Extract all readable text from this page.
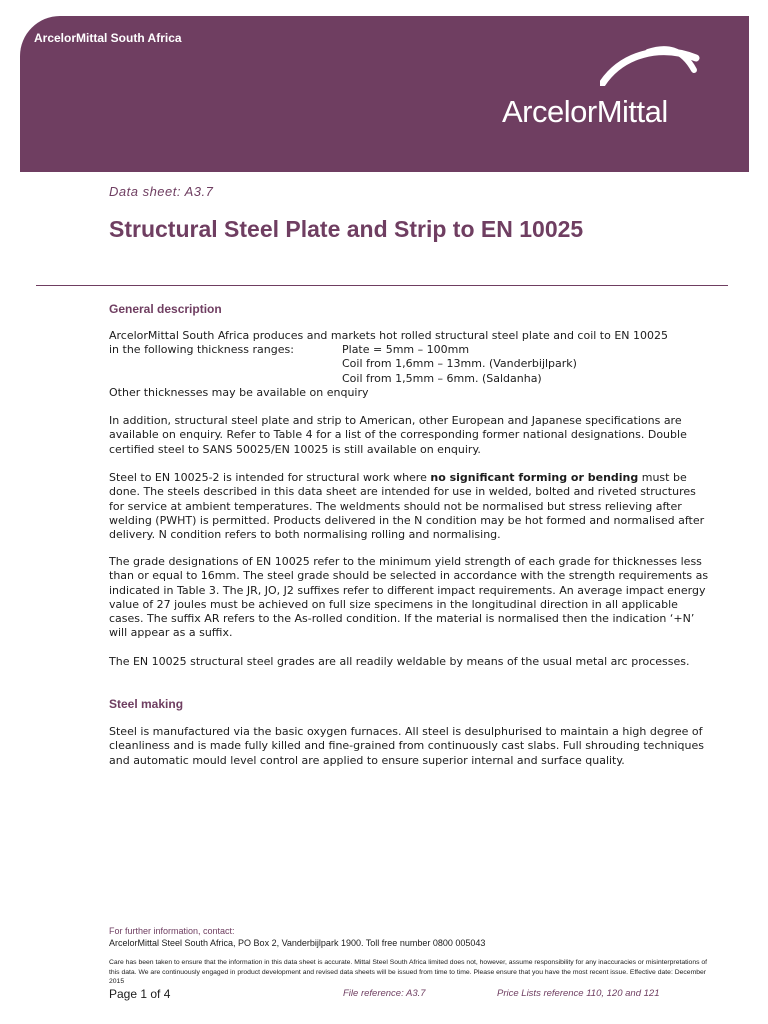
ArcelorMittal South Africa
ArcelorMittal
Data sheet: A3.7
Structural Steel Plate and Strip to EN 10025
General description

ArcelorMittal South Africa produces and markets hot rolled structural steel plate and coil to EN 10025

in the following thickness ranges:	Plate = 5mm – 100mm
Coil from 1,6mm – 13mm. (Vanderbijlpark)
Coil from 1,5mm – 6mm. (Saldanha)
Other thicknesses may be available on enquiry

In addition, structural steel plate and strip to American, other European and Japanese specifications are available on enquiry. Refer to Table 4 for a list of the corresponding former national designations. Double certified steel to SANS 50025/EN 10025 is still available on enquiry.

Steel to EN 10025-2 is intended for structural work where no significant forming or bending must be done. The steels described in this data sheet are intended for use in welded, bolted and riveted structures for service at ambient temperatures. The weldments should not be normalised but stress relieving after welding (PWHT) is permitted. Products delivered in the N condition may be hot formed and normalised after delivery. N condition refers to both normalising rolling and normalising.

The grade designations of EN 10025 refer to the minimum yield strength of each grade for thicknesses less than or equal to 16mm. The steel grade should be selected in accordance with the strength requirements as indicated in Table 3. The JR, JO, J2 suffixes refer to different impact requirements. An average impact energy value of 27 joules must be achieved on full size specimens in the longitudinal direction in all applicable cases. The suffix AR refers to the As-rolled condition. If the material is normalised then the indication ‘+N’ will appear as a suffix.

The EN 10025 structural steel grades are all readily weldable by means of the usual metal arc processes.

Steel making

Steel is manufactured via the basic oxygen furnaces. All steel is desulphurised to maintain a high degree of cleanliness and is made fully killed and fine-grained from continuously cast slabs. Full shrouding techniques and automatic mould level control are applied to ensure superior internal and surface quality.

For further information, contact:
ArcelorMittal Steel South Africa, PO Box 2, Vanderbijlpark 1900. Toll free number 0800 005043

Care has been taken to ensure that the information in this data sheet is accurate. Mittal Steel South Africa limited does not, however, assume responsibility for any inaccuracies or misinterpretations of this data. We are continuously engaged in product development and revised data sheets will be issued from time to time. Please ensure that you have the most recent issue. Effective date: December 2015

Page 1 of 4	File reference: A3.7	Price Lists reference 110, 120 and 121
